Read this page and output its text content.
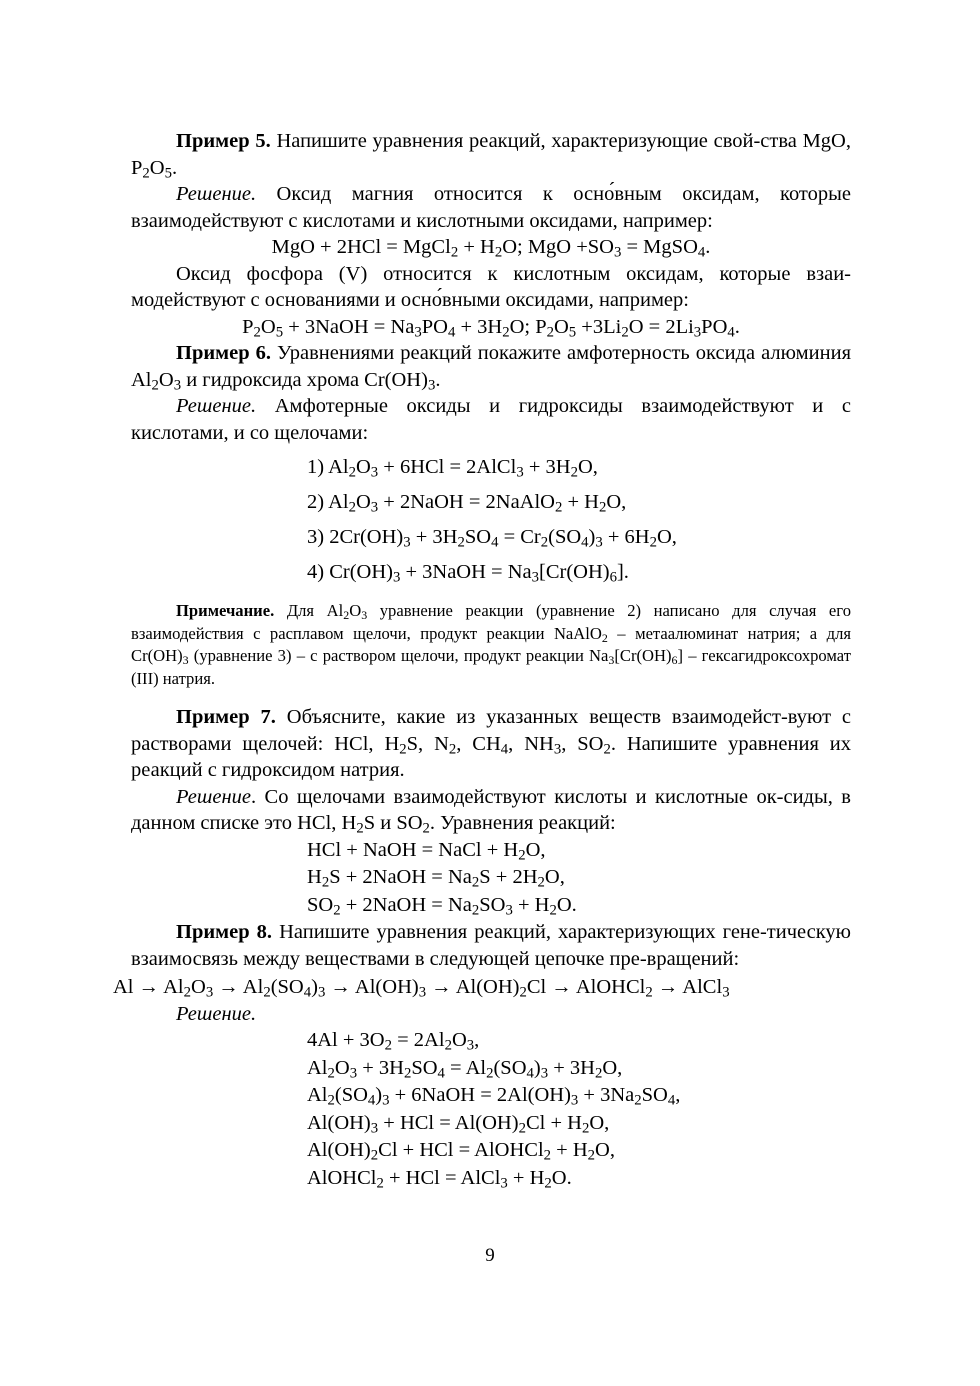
Пример 5. Напишите уравнения реакций, характеризующие свой-ства MgO, $P_2O_5$.

Решение. Оксид магния относится к осно́вным оксидам, которые взаимодействуют с кислотами и кислотными оксидами, например:

MgO + 2HCl = MgCl$_2$ + $H_2O$; MgO $+SO_3$ = MgSO$_4$.

Оксид фосфора (V) относится к кислотным оксидам, которые взаи-модействуют с основаниями и осно́вными оксидами, например:

$P_2O_5$ + 3NaOH = $Na_3PO_4 + 3H_2O$; $P_2O_5 +3Li_2O = 2Li_3PO_4$.

Пример 6. Уравнениями реакций покажите амфотерность оксида алюминия $Al_2O_3$ и гидроксида хрома $Cr(OH)_3$.

Решение. Амфотерные оксиды и гидроксиды взаимодействуют и с кислотами, и со щелочами:

1) $Al_2O_3 + 6HCl$ = 2AlCl$_3$ + $3H_2O$,

2) $Al_2O_3$ + 2NaOH = 2NaAlO$_2$ + $H_2O$,

3) $2Cr(OH)_3 + 3H_2SO_4 = Cr_2(SO_4)_3 + 6H_2O$,

4) $Cr(OH)_3$ + 3NaOH = $Na_3[Cr(OH)_6]$.

Примечание. Для $Al_2O_3$ уравнение реакции (уравнение 2) написано для случая его взаимодействия с расплавом щелочи, продукт реакции NaAlO$_2$ – метаалюминат натрия; а для $Cr(OH)_3$ (уравнение 3) – с раствором щелочи, продукт реакции $Na_3[Cr(OH)_6]$ – гексагидроксохромат (III) натрия.

Пример 7. Объясните, какие из указанных веществ взаимодейст-вуют с растворами щелочей: HCl, $H_2S$, $N_2$, $CH_4$, $NH_3$, $SO_2$. Напишите уравнения их реакций с гидроксидом натрия.

Решение. Со щелочами взаимодействуют кислоты и кислотные ок-сиды, в данном списке это HCl, $H_2S$ и $SO_2$. Уравнения реакций:

HCl + NaOH = NaCl + $H_2O$,

$H_2S$ + 2NaOH = $Na_2S + 2H_2O$,

$SO_2$ + 2NaOH = $Na_2SO_3 + H_2O$.

Пример 8. Напишите уравнения реакций, характеризующих гене-тическую взаимосвязь между веществами в следующей цепочке пре-вращений:

$Al \to Al_2O_3 \to Al_2(SO_4)_3 \to Al(OH)_3 \to Al(OH)_2Cl$ → AlOHCl$_2$ → AlCl$_3$

Решение.

$4Al + 3O_2 = 2Al_2O_3$,

$Al_2O_3 + 3H_2SO_4 = Al_2(SO_4)_3 + 3H_2O$,

$Al_2(SO_4)_3$ + 6NaOH = $2Al(OH)_3 + 3Na_2SO_4$,

$Al(OH)_3$ + HCl = $Al(OH)_2Cl + H_2O$,

$Al(OH)_2Cl$ + HCl = AlOHCl$_2$ + $H_2O$,

AlOHCl$_2$ + HCl = AlCl$_3$ + $H_2O$.

9
